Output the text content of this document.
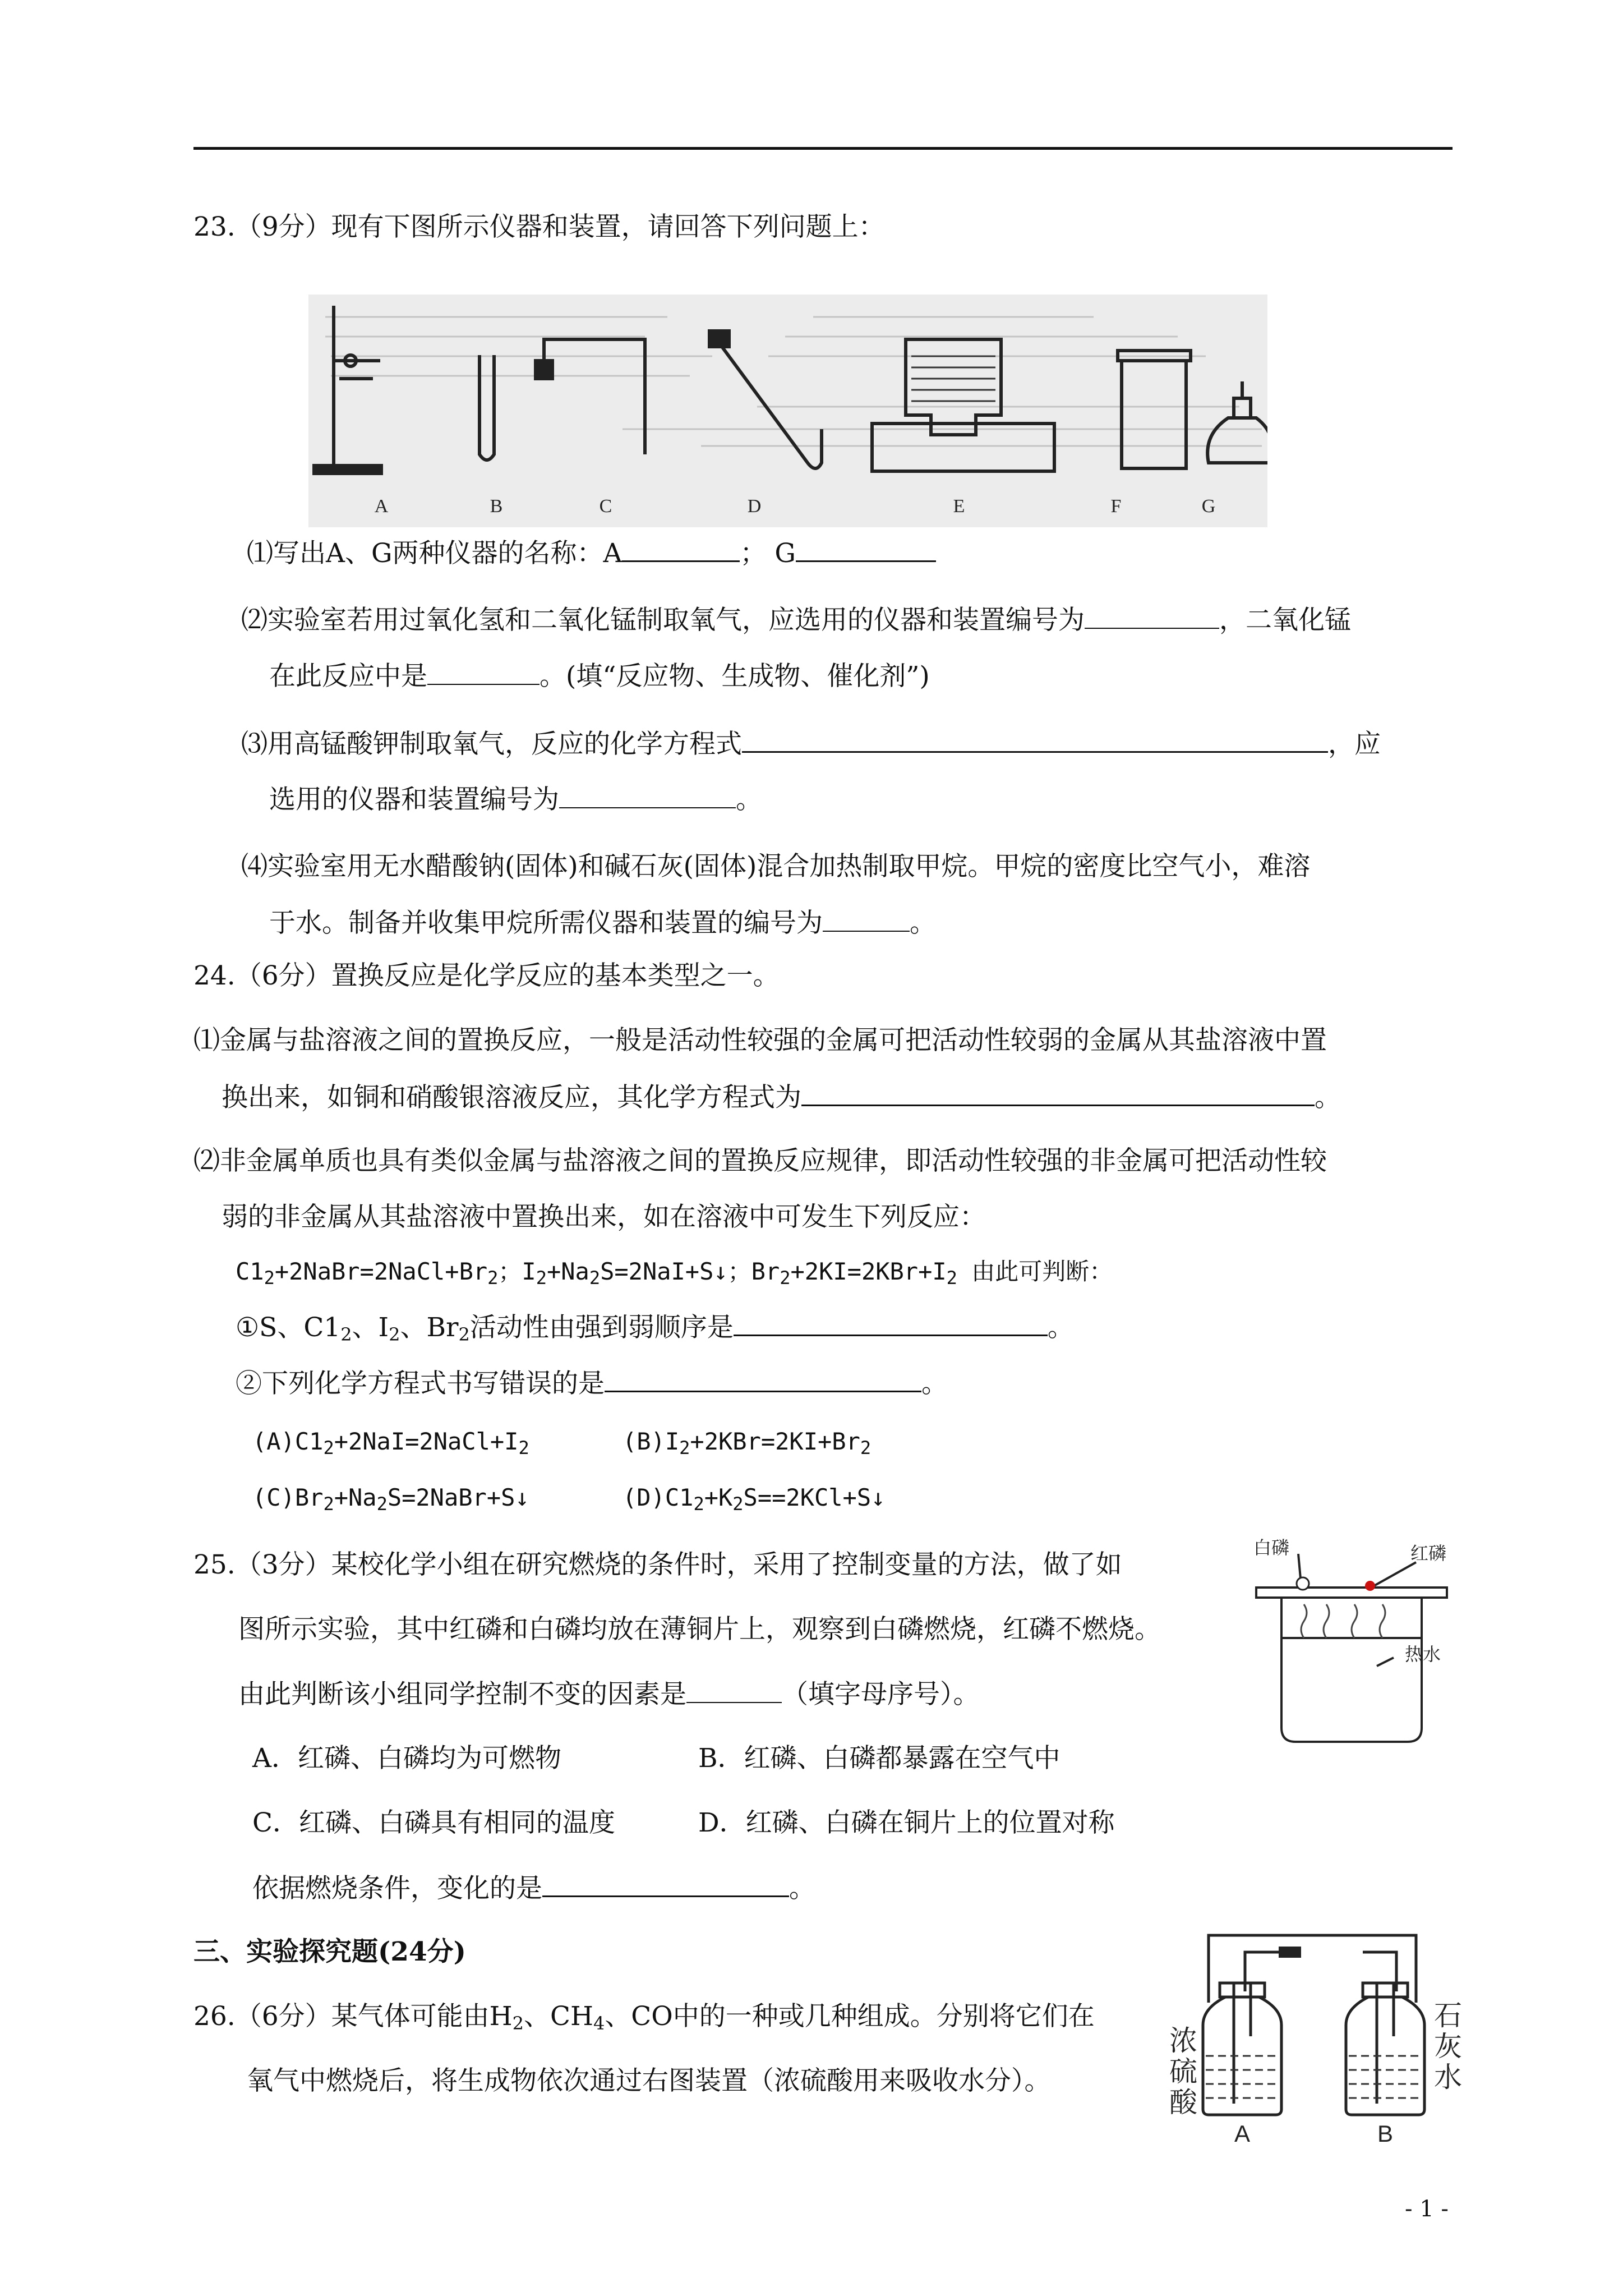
23.（9分）现有下图所示仪器和装置，请回答下列问题上：
A	B	C	D	E	F	G
⑴写出A、G两种仪器的名称：A	； G
⑵实验室若用过氧化氢和二氧化锰制取氧气，应选用的仪器和装置编号为	，二氧化锰
在此反应中是	。(填“反应物、生成物、催化剂”)
⑶用高锰酸钾制取氧气，反应的化学方程式	，应
选用的仪器和装置编号为	。
⑷实验室用无水醋酸钠(固体)和碱石灰(固体)混合加热制取甲烷。甲烷的密度比空气小，难溶
于水。制备并收集甲烷所需仪器和装置的编号为	。
24.（6分）置换反应是化学反应的基本类型之一。
⑴金属与盐溶液之间的置换反应，一般是活动性较强的金属可把活动性较弱的金属从其盐溶液中置
换出来，如铜和硝酸银溶液反应，其化学方程式为	。
⑵非金属单质也具有类似金属与盐溶液之间的置换反应规律，即活动性较强的非金属可把活动性较
弱的非金属从其盐溶液中置换出来，如在溶液中可发生下列反应：
$C1_2+2NaBr=2NaCl+Br_2$；$I_2+Na_2S=2NaI+S↓$；$Br_2+2KI=2KBr+I_2$ 由此可判断：
①S、$C1_2$、$I_2$、$Br_2$活动性由强到弱顺序是	。
②下列化学方程式书写错误的是	。
$(A)C1_2+2NaI=2NaCl+I_2$	$(B)I_2+2KBr=2KI+Br_2$
$(C)Br_2+Na_2S=2NaBr+S↓$	$(D)C1_2+K_2S==2KCl+S↓$
25.（3分）某校化学小组在研究燃烧的条件时，采用了控制变量的方法，做了如
图所示实验，其中红磷和白磷均放在薄铜片上，观察到白磷燃烧，红磷不燃烧。
由此判断该小组同学控制不变的因素是	（填字母序号）。
A．红磷、白磷均为可燃物	B．红磷、白磷都暴露在空气中
C．红磷、白磷具有相同的温度	D．红磷、白磷在铜片上的位置对称
依据燃烧条件，变化的是	。
白磷	红磷
热水
三、实验探究题(24分)
26.（6分）某气体可能由$H_2$、$CH_4$、CO中的一种或几种组成。分别将它们在
氧气中燃烧后，将生成物依次通过右图装置（浓硫酸用来吸收水分）。
浓
硫
酸
石
灰
水
A	B
- 1 -
